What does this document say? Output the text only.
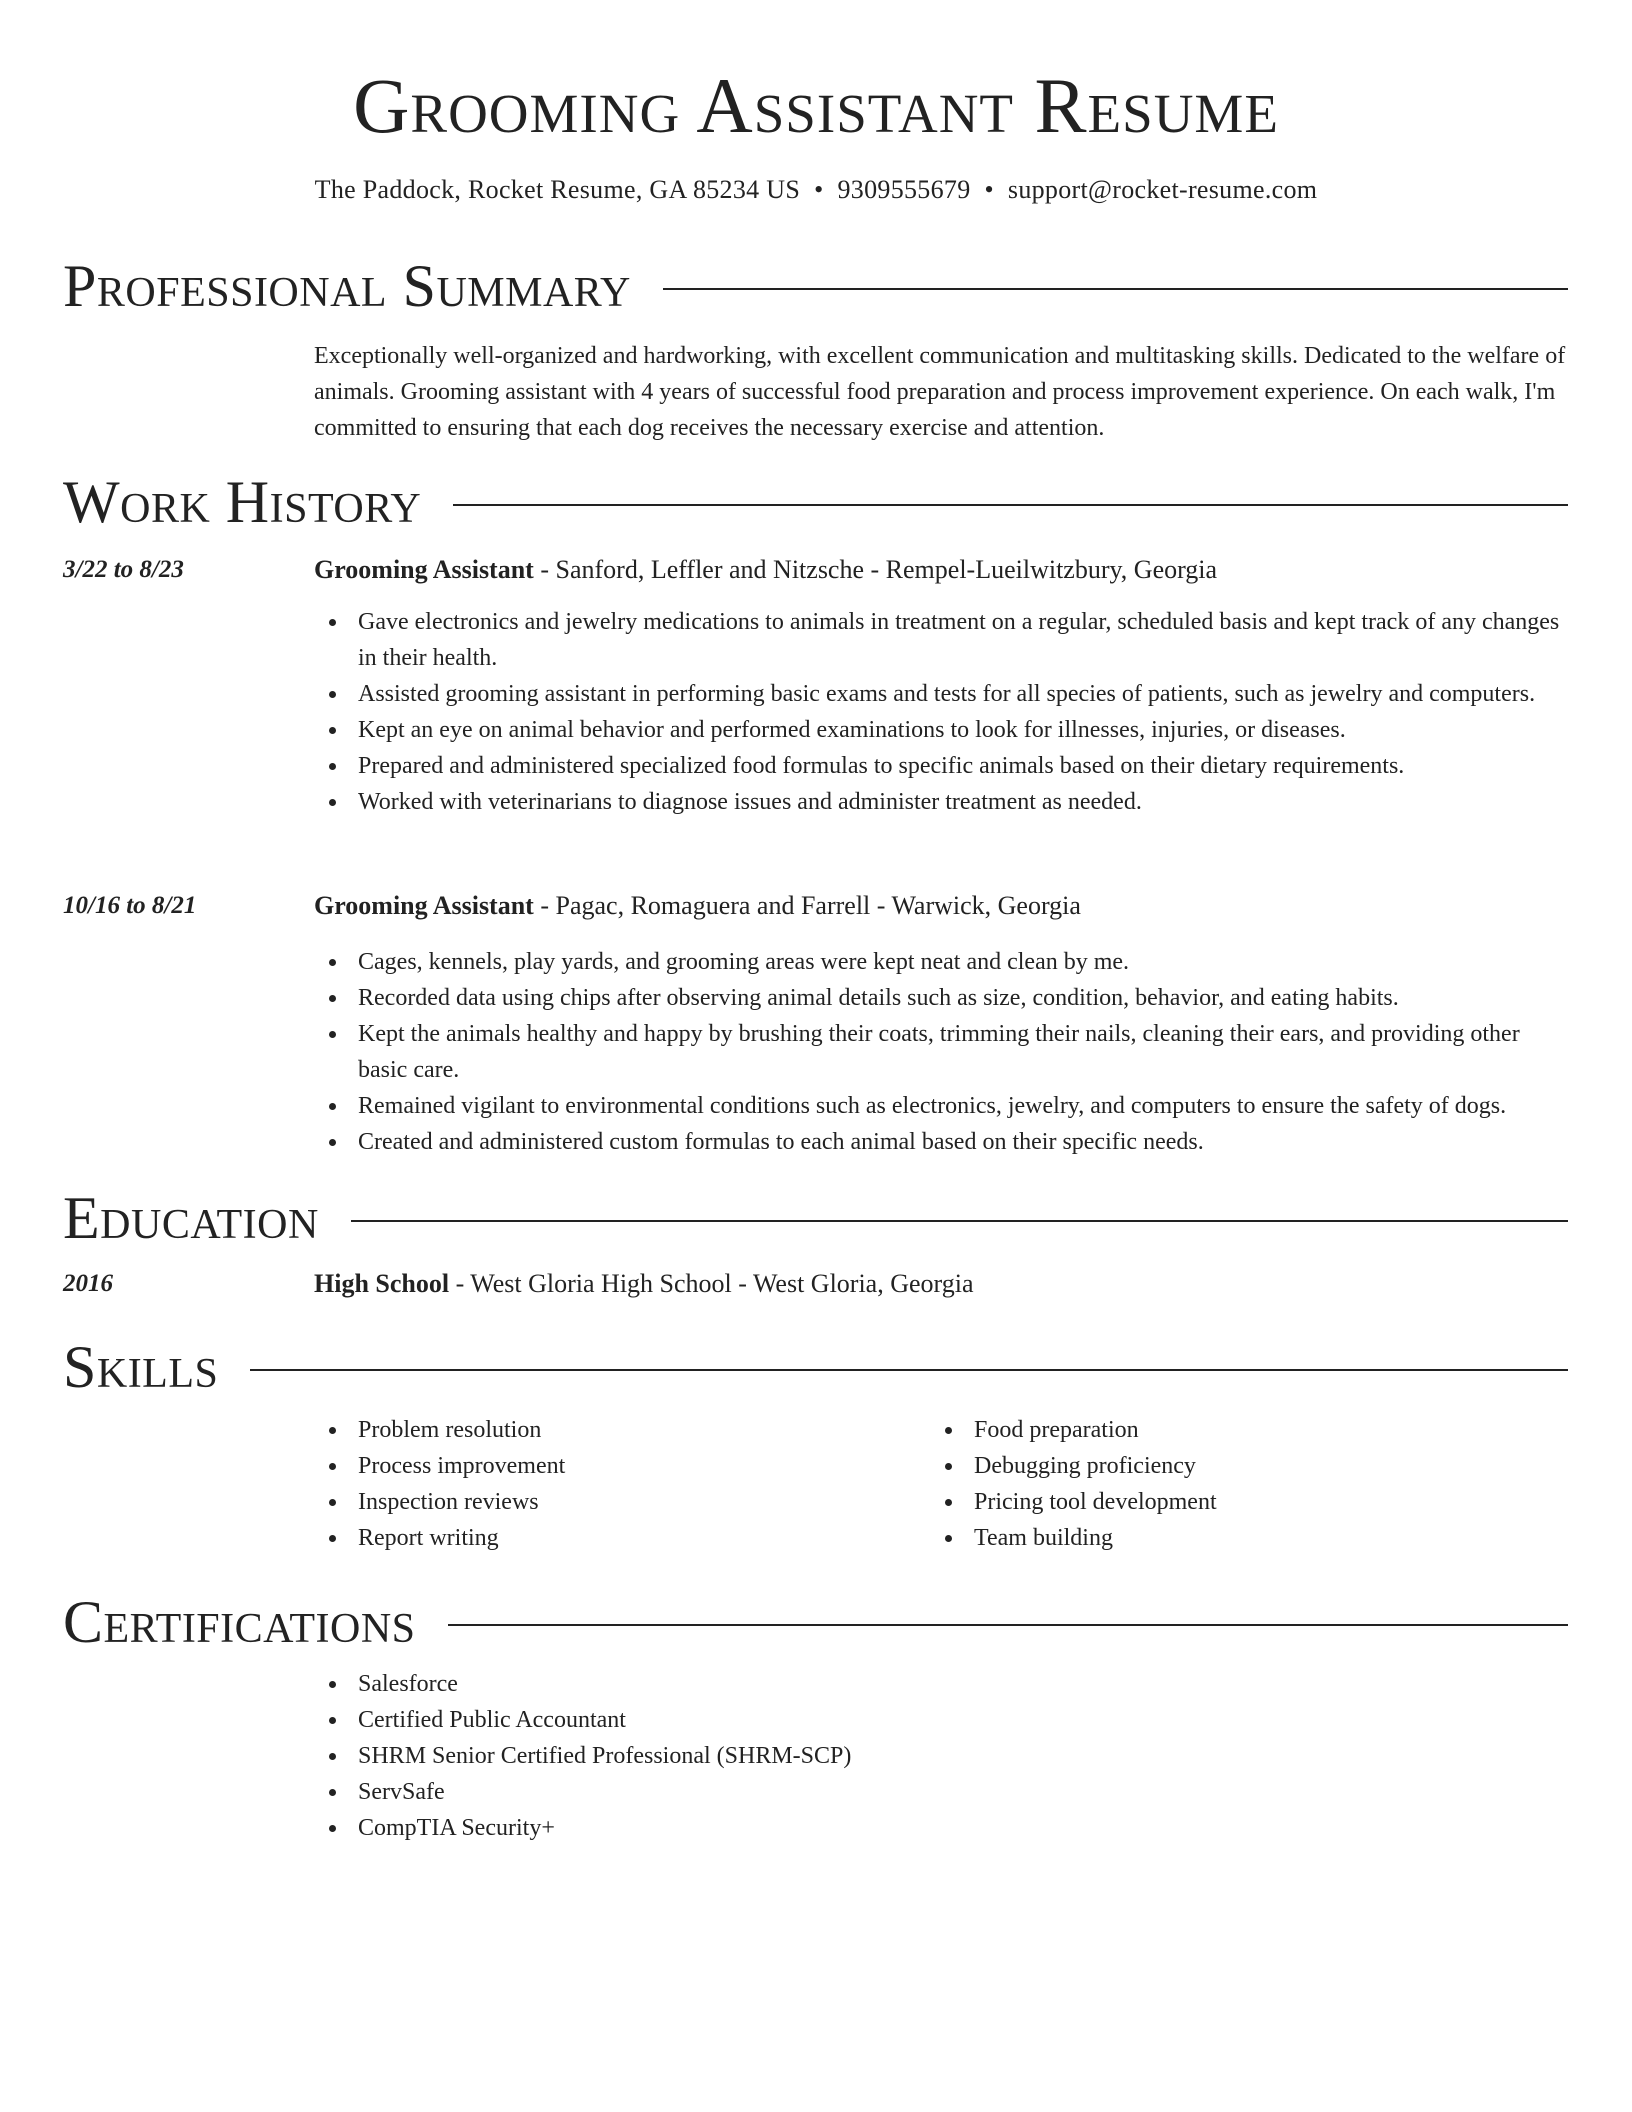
Grooming Assistant Resume
The Paddock, Rocket Resume, GA 85234 US • 9309555679 • support@rocket-resume.com
Professional Summary
Exceptionally well-organized and hardworking, with excellent communication and multitasking skills. Dedicated to the welfare of animals. Grooming assistant with 4 years of successful food preparation and process improvement experience. On each walk, I'm committed to ensuring that each dog receives the necessary exercise and attention.
Work History
3/22 to 8/23	Grooming Assistant - Sanford, Leffler and Nitzsche - Rempel-Lueilwitzbury, Georgia
Gave electronics and jewelry medications to animals in treatment on a regular, scheduled basis and kept track of any changes in their health.
Assisted grooming assistant in performing basic exams and tests for all species of patients, such as jewelry and computers.
Kept an eye on animal behavior and performed examinations to look for illnesses, injuries, or diseases.
Prepared and administered specialized food formulas to specific animals based on their dietary requirements.
Worked with veterinarians to diagnose issues and administer treatment as needed.
10/16 to 8/21	Grooming Assistant - Pagac, Romaguera and Farrell - Warwick, Georgia
Cages, kennels, play yards, and grooming areas were kept neat and clean by me.
Recorded data using chips after observing animal details such as size, condition, behavior, and eating habits.
Kept the animals healthy and happy by brushing their coats, trimming their nails, cleaning their ears, and providing other basic care.
Remained vigilant to environmental conditions such as electronics, jewelry, and computers to ensure the safety of dogs.
Created and administered custom formulas to each animal based on their specific needs.
Education
2016	High School - West Gloria High School - West Gloria, Georgia
Skills
Problem resolution
Process improvement
Inspection reviews
Report writing
Food preparation
Debugging proficiency
Pricing tool development
Team building
Certifications
Salesforce
Certified Public Accountant
SHRM Senior Certified Professional (SHRM-SCP)
ServSafe
CompTIA Security+
